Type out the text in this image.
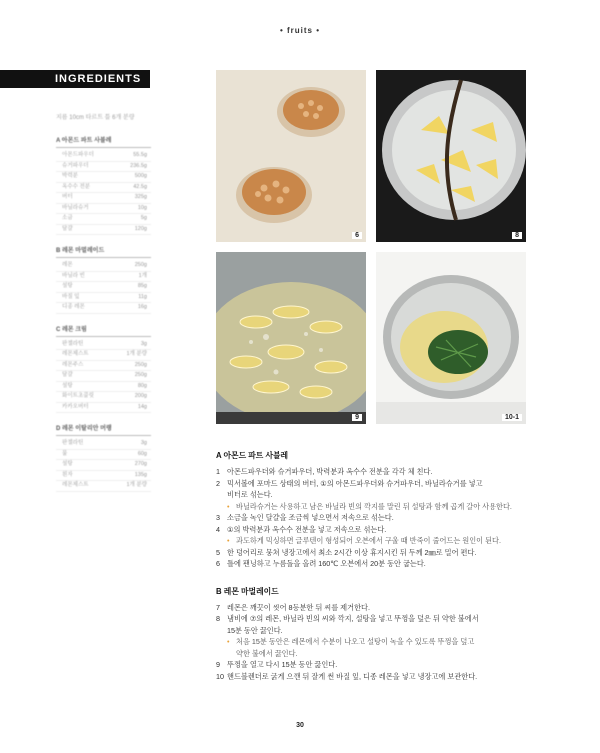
• fruits •
INGREDIENTS
지름 10cm 타르트 틀 6개 분량
A 아몬드 파트 사블레
아몬드파우더	55.5g
슈거파우더	236.5g
박력분	500g
옥수수 전분	42.5g
버터	325g
바닐라슈거	10g
소금	5g
달걀	120g
B 레몬 마멀레이드
레몬	250g
바닐라 빈	1개
설탕	85g
바질 잎	11g
디종 레몬	16g
C 레몬 크림
판젤라틴	3g
레몬제스트	1개 분량
레몬주스	250g
달걀	250g
설탕	80g
화이트초콜릿	200g
카카오버터	14g
D 레몬 이탈리안 머랭
판젤라틴	3g
물	60g
설탕	270g
흰자	135g
레몬제스트	1개 분량
6	8
9	10-1
A 아몬드 파트 사블레
1 아몬드파우더와 슈거파우더, 박력분과 옥수수 전분을 각각 체 친다.
2 믹서볼에 포마드 상태의 버터, ①의 아몬드파우더와 슈거파우더, 바닐라슈거를 넣고
비터로 섞는다.
• 바닐라슈거는 사용하고 남은 바닐라 빈의 깍지를 말린 뒤 설탕과 함께 곱게 갈아 사용한다.
3 소금을 녹인 달걀을 조금씩 넣으면서 저속으로 섞는다.
4 ①의 박력분과 옥수수 전분을 넣고 저속으로 섞는다.
• 과도하게 믹싱하면 글루텐이 형성되어 오븐에서 구울 때 반죽이 줄어드는 원인이 된다.
5 한 덩어리로 뭉쳐 냉장고에서 최소 2시간 이상 휴지시킨 뒤 두께 2㎜로 밀어 편다.
6 틀에 팬닝하고 누름돌을 올려 160℃ 오븐에서 20분 동안 굽는다.
B 레몬 마멀레이드
7 레몬은 깨끗이 씻어 8등분한 뒤 씨를 제거한다.
8 냄비에 ⑦의 레몬, 바닐라 빈의 씨와 깍지, 설탕을 넣고 뚜껑을 덮은 뒤 약한 불에서
15분 동안 끓인다.
• 처음 15분 동안은 레몬에서 수분이 나오고 설탕이 녹을 수 있도록 뚜껑을 덮고
약한 불에서 끓인다.
9 뚜껑을 열고 다시 15분 동안 끓인다.
10 핸드블렌더로 굵게 으깬 뒤 잘게 썬 바질 잎, 디종 레몬을 넣고 냉장고에 보관한다.
30
